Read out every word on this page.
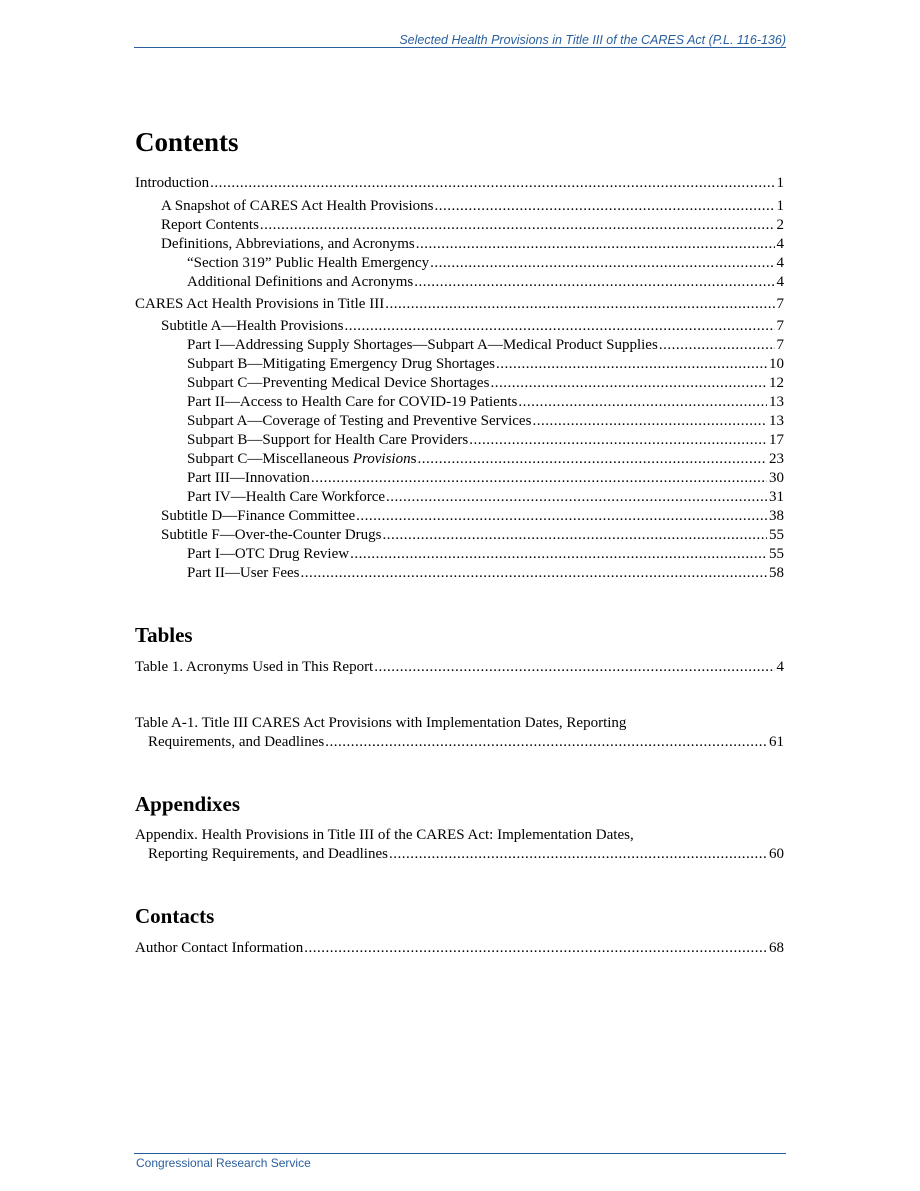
Selected Health Provisions in Title III of the CARES Act (P.L. 116-136)
Contents
Introduction .....	1
A Snapshot of CARES Act Health Provisions .....	1
Report Contents .....	2
Definitions, Abbreviations, and Acronyms .....	4
“Section 319” Public Health Emergency .....	4
Additional Definitions and Acronyms .....	4
CARES Act Health Provisions in Title III .....	7
Subtitle A—Health Provisions .....	7
Part I—Addressing Supply Shortages—Subpart A—Medical Product Supplies .....	7
Subpart B—Mitigating Emergency Drug Shortages .....	10
Subpart C—Preventing Medical Device Shortages .....	12
Part II—Access to Health Care for COVID-19 Patients .....	13
Subpart A—Coverage of Testing and Preventive Services .....	13
Subpart B—Support for Health Care Providers .....	17
Subpart C—Miscellaneous Provisions .....	23
Part III—Innovation .....	30
Part IV—Health Care Workforce .....	31
Subtitle D—Finance Committee .....	38
Subtitle F—Over-the-Counter Drugs .....	55
Part I—OTC Drug Review .....	55
Part II—User Fees .....	58
Tables
Table 1. Acronyms Used in This Report .....	4
Table A-1. Title III CARES Act Provisions with Implementation Dates, Reporting
Requirements, and Deadlines .....	61
Appendixes
Appendix. Health Provisions in Title III of the CARES Act: Implementation Dates,
Reporting Requirements, and Deadlines .....	60
Contacts
Author Contact Information .....	68
Congressional Research Service
